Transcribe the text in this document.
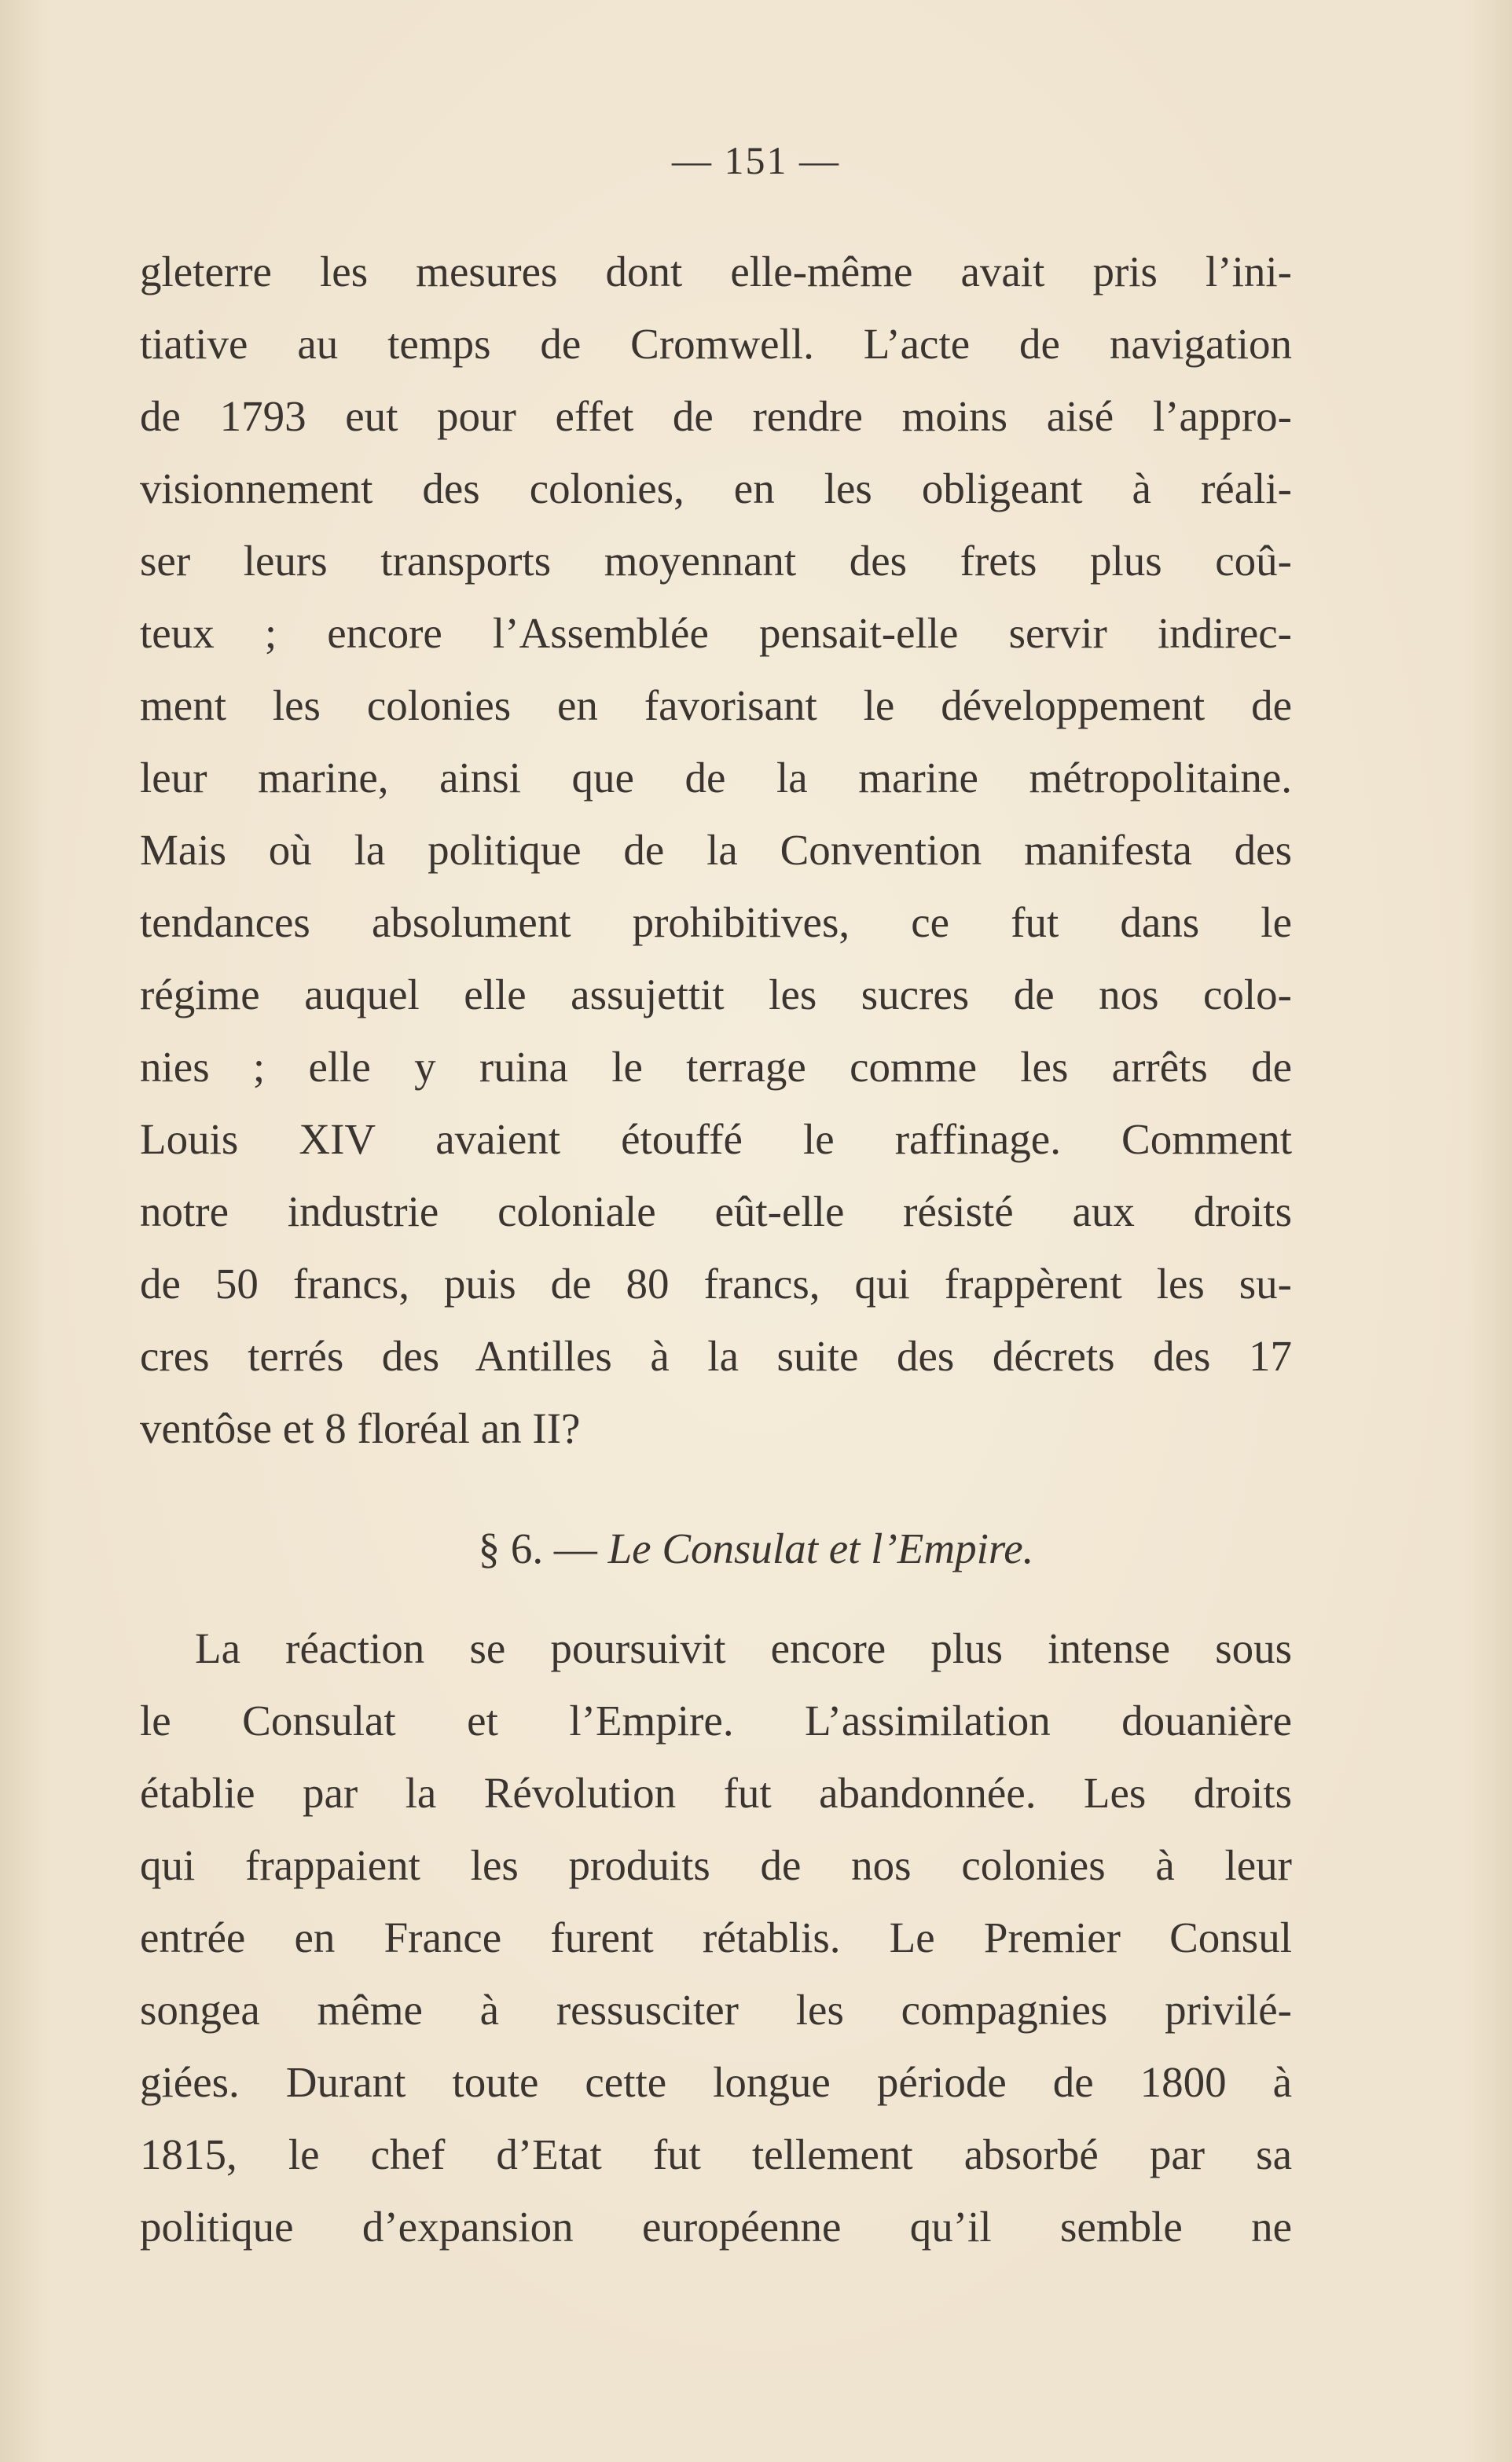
— 151 —
gleterre les mesures dont elle-même avait pris l’ini-
tiative au temps de Cromwell. L’acte de navigation
de 1793 eut pour effet de rendre moins aisé l’appro-
visionnement des colonies, en les obligeant à réali-
ser leurs transports moyennant des frets plus coû-
teux ; encore l’Assemblée pensait-elle servir indirec-
ment les colonies en favorisant le développement de
leur marine, ainsi que de la marine métropolitaine.
Mais où la politique de la Convention manifesta des
tendances absolument prohibitives, ce fut dans le
régime auquel elle assujettit les sucres de nos colo-
nies ; elle y ruina le terrage comme les arrêts de
Louis XIV avaient étouffé le raffinage. Comment
notre industrie coloniale eût-elle résisté aux droits
de 50 francs, puis de 80 francs, qui frappèrent les su-
cres terrés des Antilles à la suite des décrets des 17
ventôse et 8 floréal an II?
§ 6. — Le Consulat et l’Empire.
La réaction se poursuivit encore plus intense sous
le Consulat et l’Empire. L’assimilation douanière
établie par la Révolution fut abandonnée. Les droits
qui frappaient les produits de nos colonies à leur
entrée en France furent rétablis. Le Premier Consul
songea même à ressusciter les compagnies privilé-
giées. Durant toute cette longue période de 1800 à
1815, le chef d’Etat fut tellement absorbé par sa
politique d’expansion européenne qu’il semble ne
